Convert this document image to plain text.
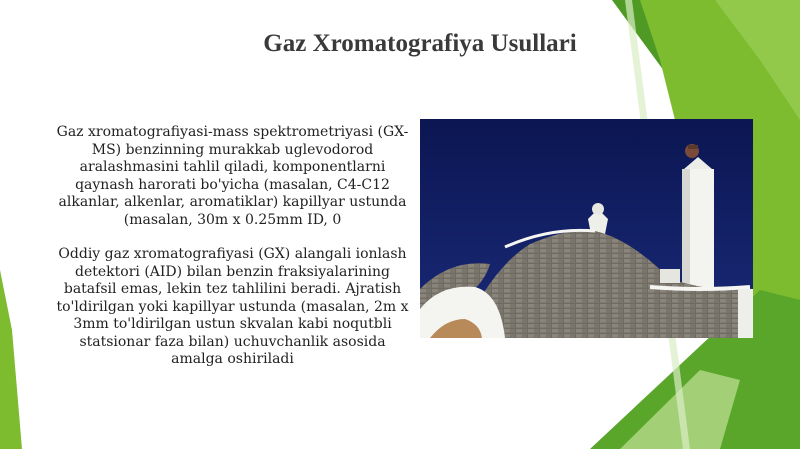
Gaz Xromatografiya Usullari

Gaz xromatografiyasi-mass spektrometriyasi (GX-MS) benzinning murakkab uglevodorod aralashmasini tahlil qiladi, komponentlarni qaynash harorati bo'yicha (masalan, C4-C12 alkanlar, alkenlar, aromatiklar) kapillyar ustunda (masalan, 30m x 0.25mm ID, 0

Oddiy gaz xromatografiyasi (GX) alangali ionlash detektori (AID) bilan benzin fraksiyalarining batafsil emas, lekin tez tahlilini beradi. Ajratish to'ldirilgan yoki kapillyar ustunda (masalan, 2m x 3mm to'ldirilgan ustun skvalan kabi noqutbli statsionar faza bilan) uchuvchanlik asosida amalga oshiriladi
